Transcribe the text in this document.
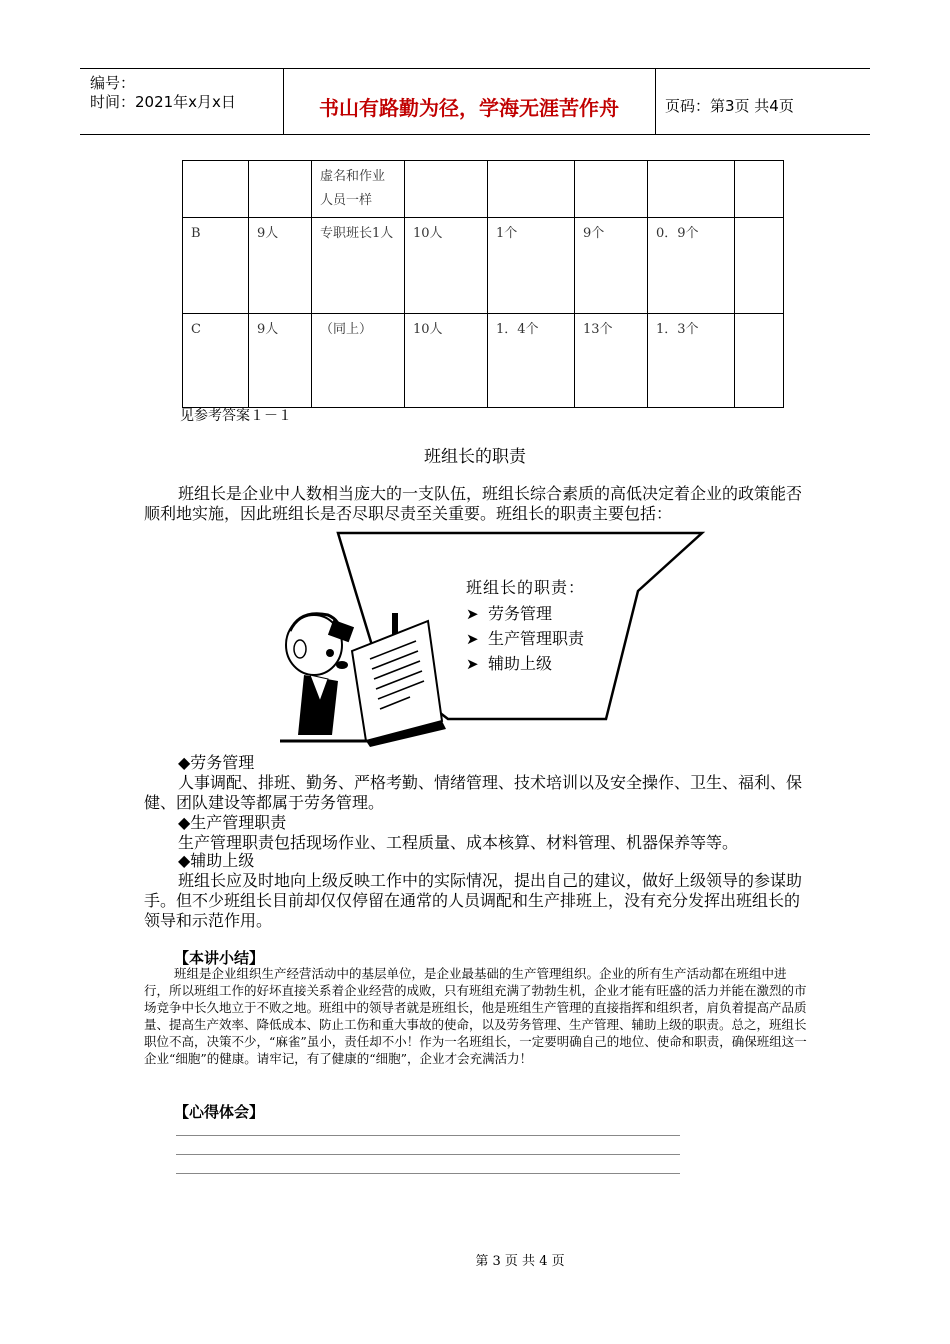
编号：
时间：2021年x月x日	书山有路勤为径，学海无涯苦作舟	页码：第3页 共4页
		虚名和作业人员一样					
B	9人	专职班长1人	10人	1个	9个	0．9个	
C	9人	（同上）	10人	1．4个	13个	1．3个	
见参考答案１－１
班组长的职责
班组长是企业中人数相当庞大的一支队伍，班组长综合素质的高低决定着企业的政策能否顺利地实施，因此班组长是否尽职尽责至关重要。班组长的职责主要包括：
班组长的职责：
➤ 劳务管理
➤ 生产管理职责
➤ 辅助上级
◆劳务管理
人事调配、排班、勤务、严格考勤、情绪管理、技术培训以及安全操作、卫生、福利、保健、团队建设等都属于劳务管理。
◆生产管理职责
生产管理职责包括现场作业、工程质量、成本核算、材料管理、机器保养等等。
◆辅助上级
班组长应及时地向上级反映工作中的实际情况，提出自己的建议，做好上级领导的参谋助手。但不少班组长目前却仅仅停留在通常的人员调配和生产排班上，没有充分发挥出班组长的领导和示范作用。
【本讲小结】
班组是企业组织生产经营活动中的基层单位，是企业最基础的生产管理组织。企业的所有生产活动都在班组中进行，所以班组工作的好坏直接关系着企业经营的成败，只有班组充满了勃勃生机，企业才能有旺盛的活力并能在激烈的市场竞争中长久地立于不败之地。班组中的领导者就是班组长，他是班组生产管理的直接指挥和组织者，肩负着提高产品质量、提高生产效率、降低成本、防止工伤和重大事故的使命，以及劳务管理、生产管理、辅助上级的职责。总之，班组长职位不高，决策不少，“麻雀”虽小，责任却不小！作为一名班组长，一定要明确自己的地位、使命和职责，确保班组这一企业“细胞”的健康。请牢记，有了健康的“细胞”，企业才会充满活力！
【心得体会】
第 3 页 共 4 页
